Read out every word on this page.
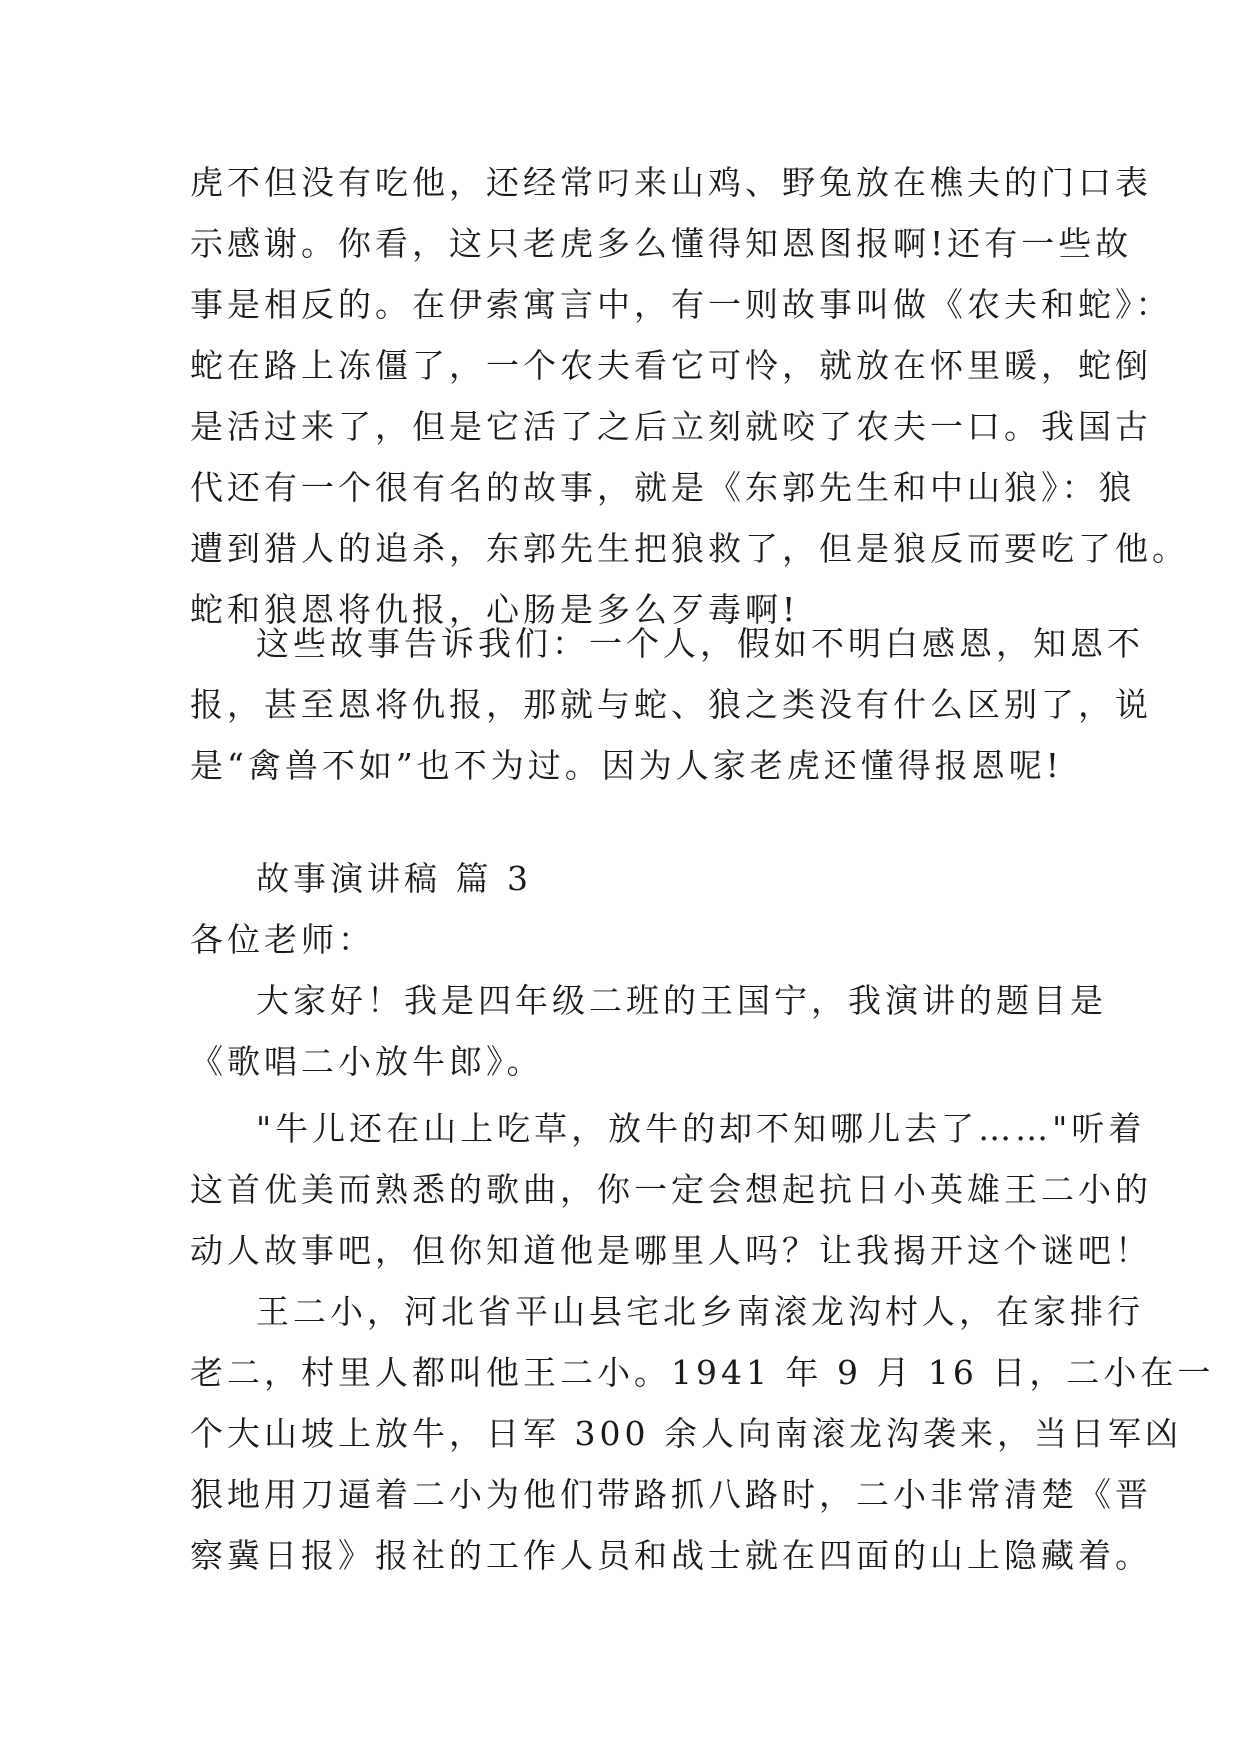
虎不但没有吃他，还经常叼来山鸡、野兔放在樵夫的门口表
示感谢。你看，这只老虎多么懂得知恩图报啊!还有一些故
事是相反的。在伊索寓言中，有一则故事叫做《农夫和蛇》：
蛇在路上冻僵了，一个农夫看它可怜，就放在怀里暖，蛇倒
是活过来了，但是它活了之后立刻就咬了农夫一口。我国古
代还有一个很有名的故事，就是《东郭先生和中山狼》：狼
遭到猎人的追杀，东郭先生把狼救了，但是狼反而要吃了他。
蛇和狼恩将仇报，心肠是多么歹毒啊!
这些故事告诉我们：一个人，假如不明白感恩，知恩不
报，甚至恩将仇报，那就与蛇、狼之类没有什么区别了，说
是“禽兽不如”也不为过。因为人家老虎还懂得报恩呢!
故事演讲稿 篇 3
各位老师：
大家好！我是四年级二班的王国宁，我演讲的题目是
《歌唱二小放牛郎》。
"牛儿还在山上吃草，放牛的却不知哪儿去了……"听着
这首优美而熟悉的歌曲，你一定会想起抗日小英雄王二小的
动人故事吧，但你知道他是哪里人吗？让我揭开这个谜吧！
王二小，河北省平山县宅北乡南滚龙沟村人，在家排行
老二，村里人都叫他王二小。1941 年 9 月 16 日，二小在一
个大山坡上放牛，日军 300 余人向南滚龙沟袭来，当日军凶
狠地用刀逼着二小为他们带路抓八路时，二小非常清楚《晋
察冀日报》报社的工作人员和战士就在四面的山上隐藏着。
